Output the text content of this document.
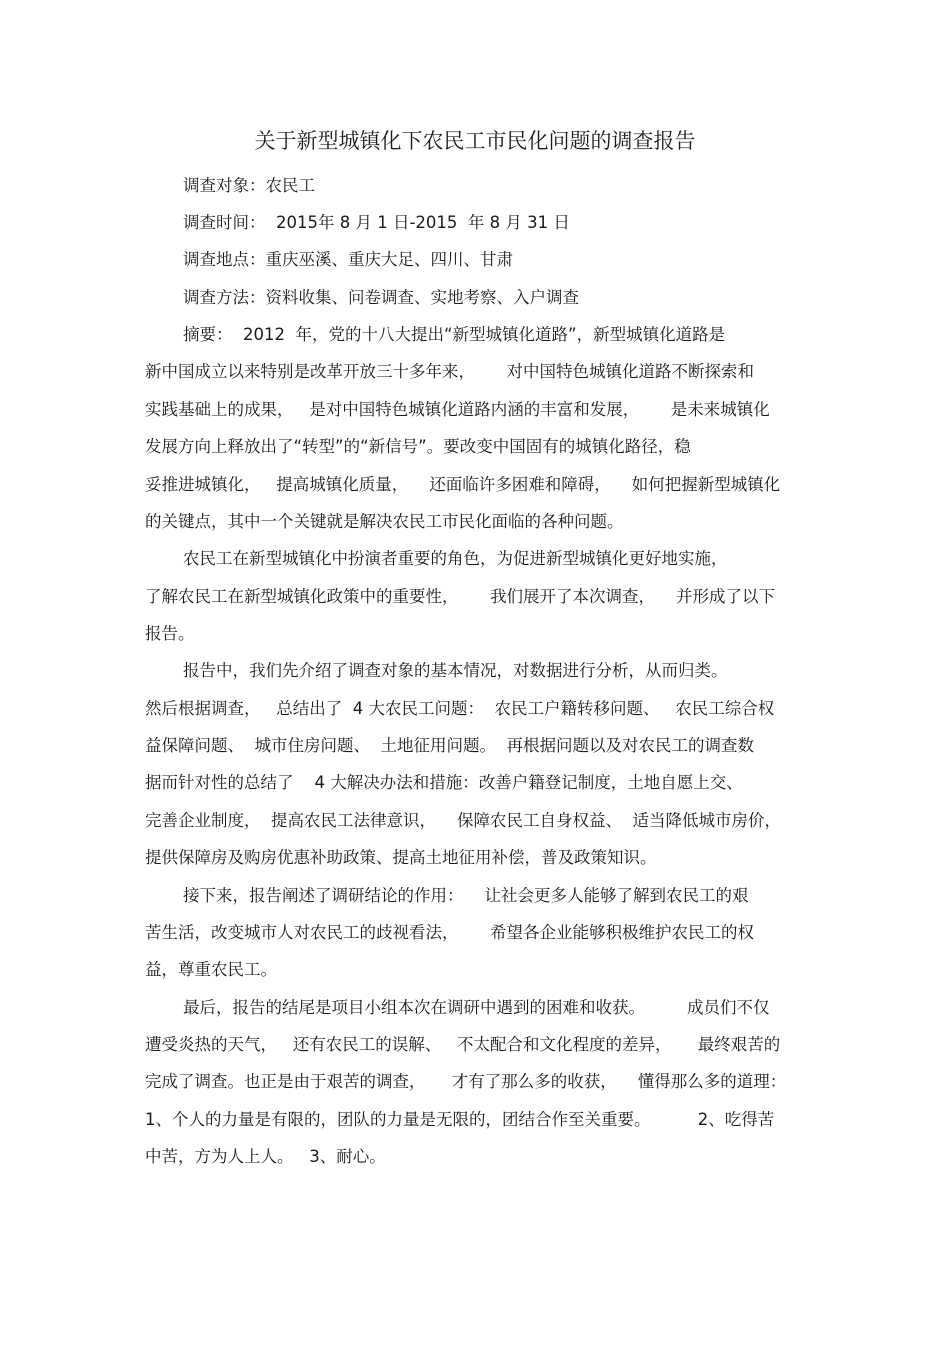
关于新型城镇化下农民工市民化问题的调查报告
调查对象：农民工
调查时间：  2015年 8 月 1 日-2015  年 8 月 31 日
调查地点：重庆巫溪、重庆大足、四川、甘肃
调查方法：资料收集、问卷调查、实地考察、入户调查
摘要：  2012  年，党的十八大提出“新型城镇化道路”，新型城镇化道路是
新中国成立以来特别是改革开放三十多年来，      对中国特色城镇化道路不断探索和
实践基础上的成果，   是对中国特色城镇化道路内涵的丰富和发展，      是未来城镇化
发展方向上释放出了“转型”的“新信号”。要改变中国固有的城镇化路径，稳
妥推进城镇化，   提高城镇化质量，    还面临许多困难和障碍，    如何把握新型城镇化
的关键点，其中一个关键就是解决农民工市民化面临的各种问题。
农民工在新型城镇化中扮演者重要的角色，为促进新型城镇化更好地实施，
了解农民工在新型城镇化政策中的重要性，      我们展开了本次调查，    并形成了以下
报告。
报告中，我们先介绍了调查对象的基本情况，对数据进行分析，从而归类。
然后根据调查，   总结出了  4 大农民工问题：  农民工户籍转移问题、   农民工综合权
益保障问题、  城市住房问题、  土地征用问题。  再根据问题以及对农民工的调查数
据而针对性的总结了    4 大解决办法和措施：改善户籍登记制度，土地自愿上交、
完善企业制度，  提高农民工法律意识，    保障农民工自身权益、  适当降低城市房价，
提供保障房及购房优惠补助政策、提高土地征用补偿，普及政策知识。
接下来，报告阐述了调研结论的作用：    让社会更多人能够了解到农民工的艰
苦生活，改变城市人对农民工的歧视看法，      希望各企业能够积极维护农民工的权
益，尊重农民工。
最后，报告的结尾是项目小组本次在调研中遇到的困难和收获。        成员们不仅
遭受炎热的天气，   还有农民工的误解、   不太配合和文化程度的差异，     最终艰苦的
完成了调查。也正是由于艰苦的调查，     才有了那么多的收获，    懂得那么多的道理：
1、个人的力量是有限的，团队的力量是无限的，团结合作至关重要。         2、吃得苦
中苦，方为人上人。   3、耐心。
